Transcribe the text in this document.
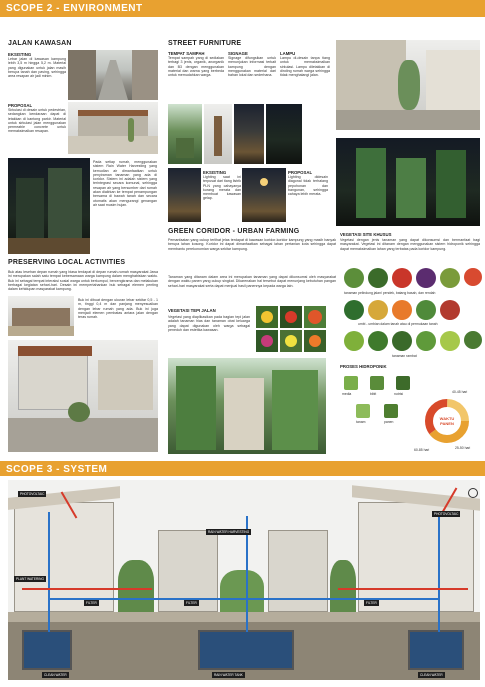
SCOPE 2 - ENVIRONMENT
JALAN KAWASAN
EKSISTING
Lebar jalan di kawasan kampung lebih 3,5 m hingga 5,2 m. Material yang digunakan untuk jalan masih berupa tanah dan paving, sehingga area resapan air jadi minim.
PROPOSAL
Sirkulasi di desain untuk pedestrian, sedangkan kendaraan dapat di letakkan di kantong parkir. Material untuk sirkulasi jalan menggunakan permeable concrete untuk memaksimalkan resapan.
Pada setiap rumah, menggunakan sistem Rain Water Harvesting yang kemudian air dimanfaatkan untuk penyiraman tanaman yang ada di koridor. Sistem ini adalah sistem yang terintegrasi secara komunal, sehingga resapan air yang bersumber dari rumah akan dialirkan ke tempat penampungan bersama di bawah tanah dan secara otomatis akan mengurangi genangan air saat musim hujan.
PRESERVING LOCAL ACTIVITIES
Buk atau lesehan depan rumah yang biasa terdapat di depan rumah-rumah masyarakat Jawa ini merupakan salah satu tempat kebersamaan warga kampung dalam menghabiskan waktu. Buk ini sebagai tempat interaksi sosial warga untuk berkumpul, bercengkrama dan melakukan berbagai kegiatan sehari-hari. Desain ini mempertahankan buk sebagai elemen penting dalam kehidupan masyarakat kampung.
Buk ini dibuat dengan ukuran lebar sekitar 0,5 - 1 m, tinggi 0,4 m dan panjang menyesuaikan dengan lebar rumah yang ada. Buk ini juga menjadi elemen pembatas antara jalan dengan teras rumah.
STREET FURNITURE
TEMPAT SAMPAH
Tempat sampah yang di sediakan terbagi 3 jenis, organik, anorganik dan B3 dengan menggunakan material dan warna yang berbeda untuk memudahkan warga.
SIGNAGE
Signage difungsikan untuk menunjukan informasi terkait kampung dengan menggunakan material dari bahan lokal dan sederhana.
LAMPU
Lampu di-desain tanpa tiang untuk memaksimalkan sirkulasi. Lampu diletakkan di dinding rumah warga sehingga tidak menghalangi jalan.
EKSISTING
Lighting saat ini terpusat dari tiang listrik PLN yang cahayanya kurang merata dan membuat kawasan gelap.
PROPOSAL
Lighting didesain diagonal tidak terhalang pepohonan dan bangunan, sehingga cahaya lebih merata.
GREEN CORIDOR - URBAN FARMING
Pemanfaatan yang cukup terlihat jelas terdapat di kawasan koridor-koridor kampung yang masih banyak berupa lahan kosong. Koridor ini dapat dimanfaatkan sebagai lahan pertanian kota sehingga dapat membantu perekonomian warga sekitar kampung.
Tanaman yang ditanam dalam area ini merupakan tanaman yang dapat dikonsumsi oleh masyarakat dengan waktu panen yang cukup singkat. Dikarenakan hal tersebut dapat menunjang kebutuhan pangan sehari-hari masyarakat serta dapat menjual hasil panennya kepada warga lain.
VEGETASI TEPI JALAN
Vegetasi yang diaplikasikan pada bagian tepi jalan adalah tanaman hias dan tanaman obat keluarga yang dapat digunakan oleh warga sebagai peneduh dan estetika kawasan.
VEGETASI SITE KHUSUS
Vegetasi dengan jenis tanaman yang dapat dikonsumsi dan bermanfaat bagi masyarakat. Vegetasi ini ditanam dengan menggunakan sistem hidroponik sehingga dapat memaksimalkan lahan yang terbatas pada koridor kampung.
tanaman pelindung jalan/ pendek, batang basah, dan rendah
umbi - umbian dalam tanah atau di permukaan tanah
tanaman rambat
PROSES HIDROPONIK
media	bibit	nutrisi
tanam	panen
WAKTU PANEN
40-45 hari
60-85 hari	25-50 hari
SCOPE 3 - SYSTEM
PHOTOVOLTAIC
PHOTOVOLTAIC
RAIN WATER HARVESTING
PLANT WATERING
FILTER	FILTER	FILTER
CLEAN WATER	RAIN WATER TANK	CLEAN WATER
